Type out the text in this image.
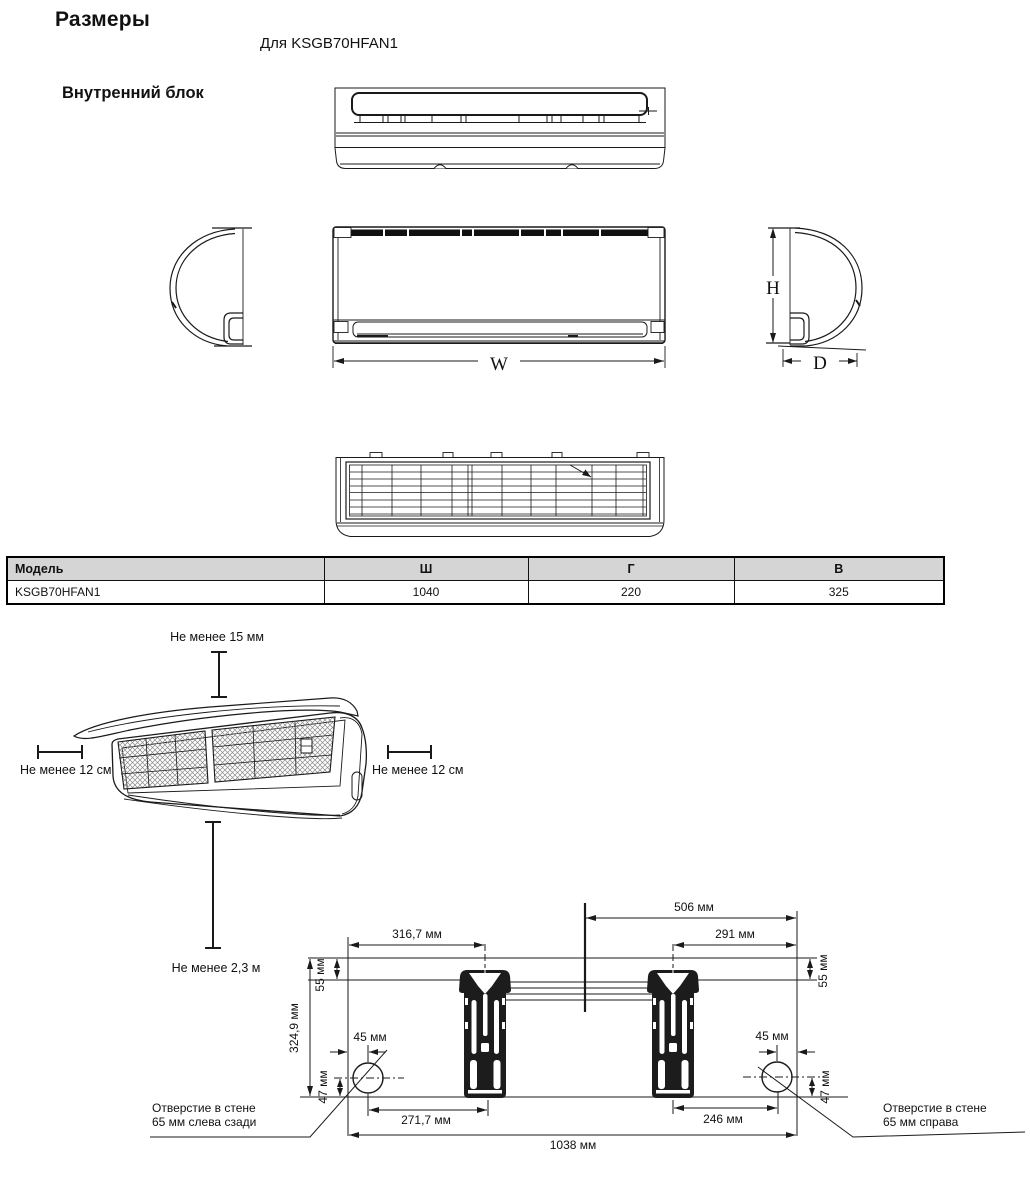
Размеры
Для KSGB70HFAN1
Внутренний блок
W
H
D
Модель	Ш	Г	В
KSGB70HFAN1	1040	220	325
Не менее 15 мм
Не менее 12 см	Не менее 12 см
Не менее 2,3 м
506 мм
316,7 мм	291 мм
55 мм	55 мм
324,9 мм	45 мм	45 мм
47 мм	47 мм
271,7 мм	246 мм
1038 мм
Отверстие в стене
65 мм слева сзади
Отверстие в стене
65 мм справа
